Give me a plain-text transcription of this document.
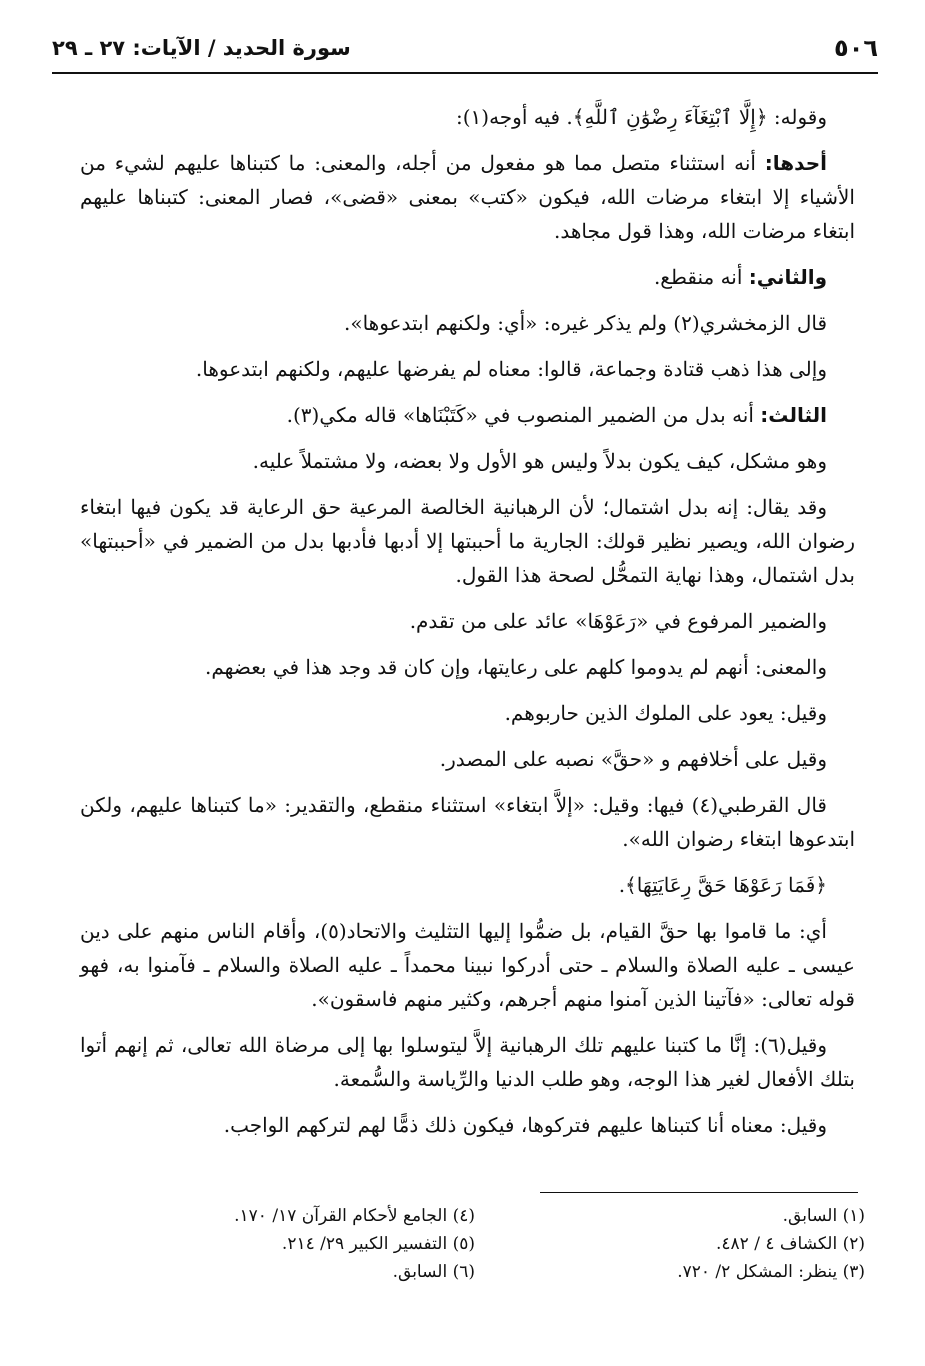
٥٠٦
سورة الحديد / الآيات: ٢٧ ـ ٢٩

وقوله: ﴿إِلَّا ٱبْتِغَآءَ رِضْوَٰنِ ٱللَّهِ﴾. فيه أوجه(١):

أحدها: أنه استثناء متصل مما هو مفعول من أجله، والمعنى: ما كتبناها عليهم لشيء من الأشياء إلا ابتغاء مرضات الله، فيكون «كتب» بمعنى «قضى»، فصار المعنى: كتبناها عليهم ابتغاء مرضات الله، وهذا قول مجاهد.

والثاني: أنه منقطع.

قال الزمخشري(٢) ولم يذكر غيره: «أي: ولكنهم ابتدعوها».

وإلى هذا ذهب قتادة وجماعة، قالوا: معناه لم يفرضها عليهم، ولكنهم ابتدعوها.

الثالث: أنه بدل من الضمير المنصوب في «كَتَبْنَاها» قاله مكي(٣).

وهو مشكل، كيف يكون بدلاً وليس هو الأول ولا بعضه، ولا مشتملاً عليه.

وقد يقال: إنه بدل اشتمال؛ لأن الرهبانية الخالصة المرعية حق الرعاية قد يكون فيها ابتغاء رضوان الله، ويصير نظير قولك: الجارية ما أحببتها إلا أدبها فأدبها بدل من الضمير في «أحببتها» بدل اشتمال، وهذا نهاية التمحُّل لصحة هذا القول.

والضمير المرفوع في «رَعَوْهَا» عائد على من تقدم.

والمعنى: أنهم لم يدوموا كلهم على رعايتها، وإن كان قد وجد هذا في بعضهم.

وقيل: يعود على الملوك الذين حاربوهم.

وقيل على أخلافهم و «حقَّ» نصبه على المصدر.

قال القرطبي(٤) فيها: وقيل: «إلاَّ ابتغاء» استثناء منقطع، والتقدير: «ما كتبناها عليهم، ولكن ابتدعوها ابتغاء رضوان الله».

﴿فَمَا رَعَوْهَا حَقَّ رِعَايَتِهَا﴾.

أي: ما قاموا بها حقَّ القيام، بل ضمُّوا إليها التثليث والاتحاد(٥)، وأقام الناس منهم على دين عيسى ـ عليه الصلاة والسلام ـ حتى أدركوا نبينا محمداً ـ عليه الصلاة والسلام ـ فآمنوا به، فهو قوله تعالى: «فآتينا الذين آمنوا منهم أجرهم، وكثير منهم فاسقون».

وقيل(٦): إنَّا ما كتبنا عليهم تلك الرهبانية إلاَّ ليتوسلوا بها إلى مرضاة الله تعالى، ثم إنهم أتوا بتلك الأفعال لغير هذا الوجه، وهو طلب الدنيا والرِّياسة والسُّمعة.

وقيل: معناه أنا كتبناها عليهم فتركوها، فيكون ذلك ذمًّا لهم لتركهم الواجب.

(١) السابق.
(٢) الكشاف ٤ / ٤٨٢.
(٣) ينظر: المشكل ٢/ ٧٢٠.
(٤) الجامع لأحكام القرآن ١٧/ ١٧٠.
(٥) التفسير الكبير ٢٩/ ٢١٤.
(٦) السابق.
